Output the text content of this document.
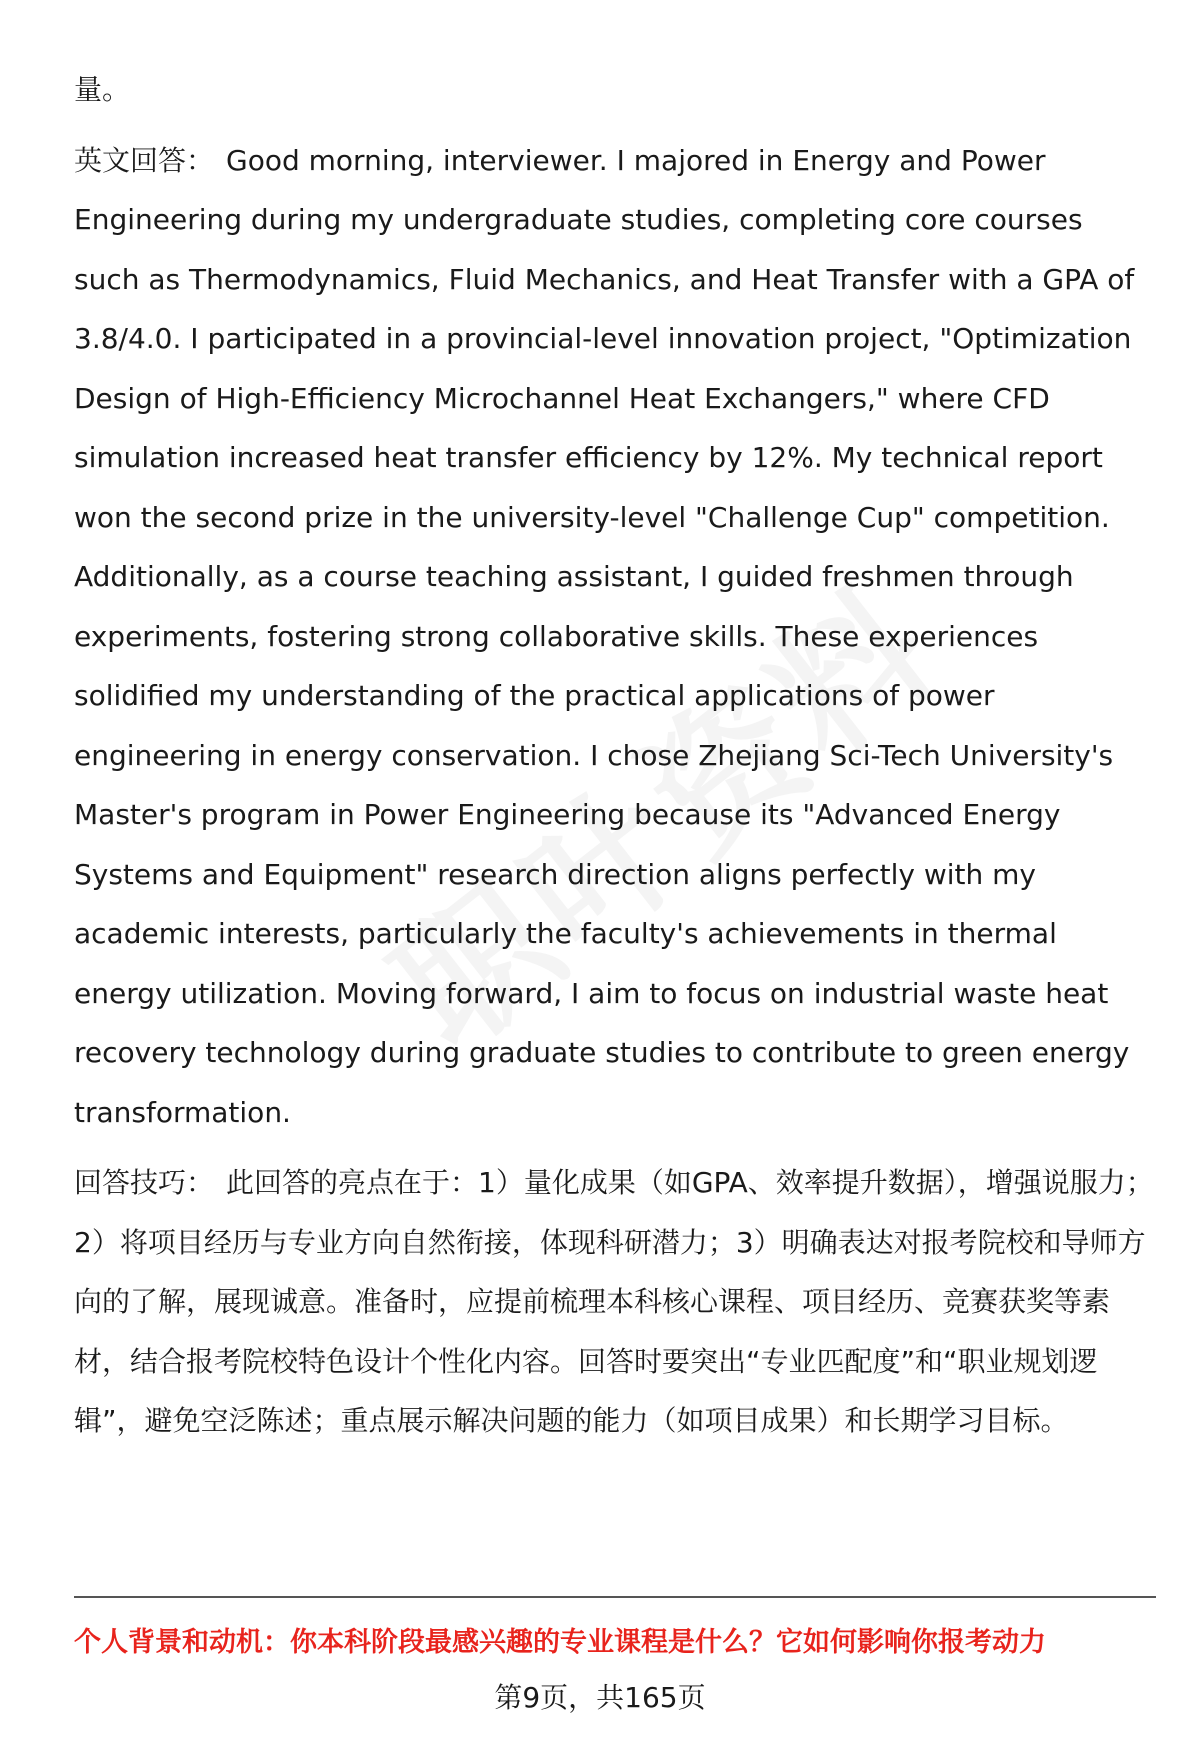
量。

英文回答： Good morning, interviewer. I majored in Energy and Power Engineering during my undergraduate studies, completing core courses such as Thermodynamics, Fluid Mechanics, and Heat Transfer with a GPA of 3.8/4.0. I participated in a provincial-level innovation project, "Optimization Design of High-Efficiency Microchannel Heat Exchangers," where CFD simulation increased heat transfer efficiency by 12%. My technical report won the second prize in the university-level "Challenge Cup" competition. Additionally, as a course teaching assistant, I guided freshmen through experiments, fostering strong collaborative skills. These experiences solidified my understanding of the practical applications of power engineering in energy conservation. I chose Zhejiang Sci-Tech University's Master's program in Power Engineering because its "Advanced Energy Systems and Equipment" research direction aligns perfectly with my academic interests, particularly the faculty's achievements in thermal energy utilization. Moving forward, I aim to focus on industrial waste heat recovery technology during graduate studies to contribute to green energy transformation.

回答技巧： 此回答的亮点在于：1）量化成果（如GPA、效率提升数据），增强说服力；2）将项目经历与专业方向自然衔接，体现科研潜力；3）明确表达对报考院校和导师方向的了解，展现诚意。准备时，应提前梳理本科核心课程、项目经历、竞赛获奖等素材，结合报考院校特色设计个性化内容。回答时要突出“专业匹配度”和“职业规划逻辑”，避免空泛陈述；重点展示解决问题的能力（如项目成果）和长期学习目标。

个人背景和动机：你本科阶段最感兴趣的专业课程是什么？它如何影响你报考动力
第9页，共165页
